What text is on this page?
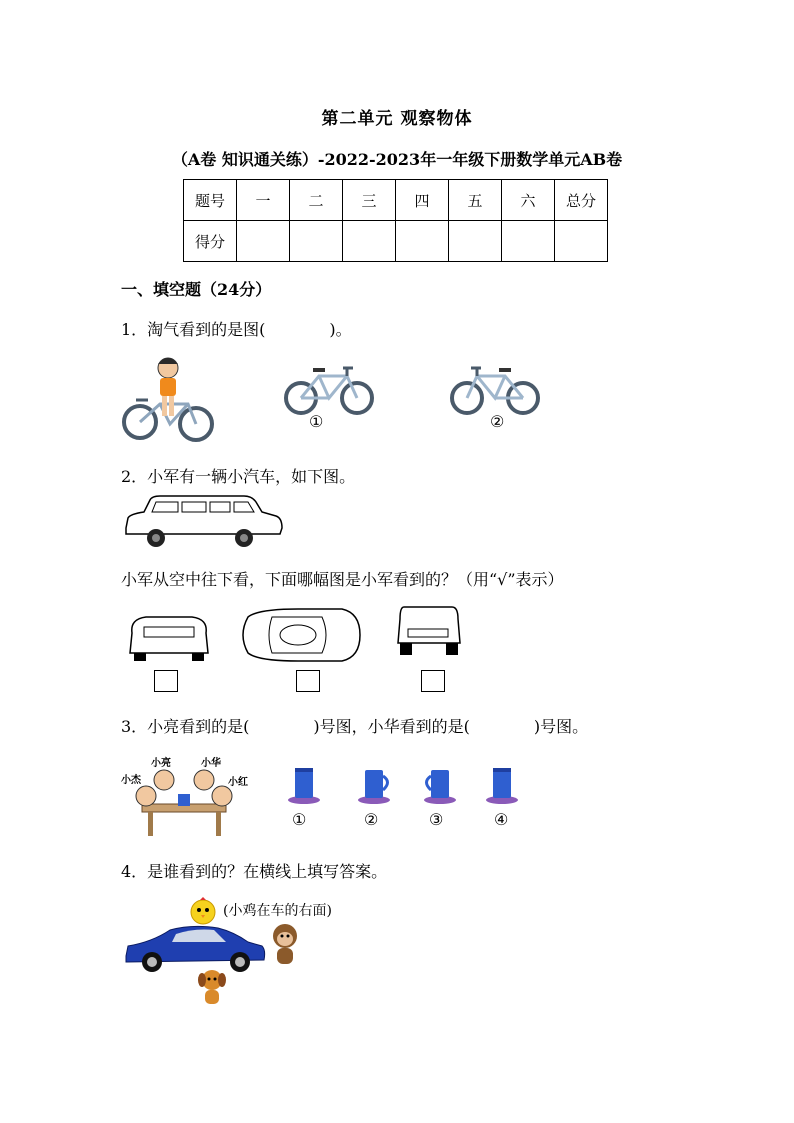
第二单元 观察物体
（A卷 知识通关练）-2022-2023年一年级下册数学单元AB卷
题号	一	二	三	四	五	六	总分
得分							
一、填空题（24分）
1．淘气看到的是图(　　　　)。
①	②
2．小军有一辆小汽车，如下图。
小军从空中往下看，下面哪幅图是小军看到的？（用“√”表示）
3．小亮看到的是(　　　　)号图，小华看到的是(　　　　)号图。
小亮	小华
小杰	小红
①	②	③	④
4．是谁看到的？在横线上填写答案。
(小鸡在车的右面)
